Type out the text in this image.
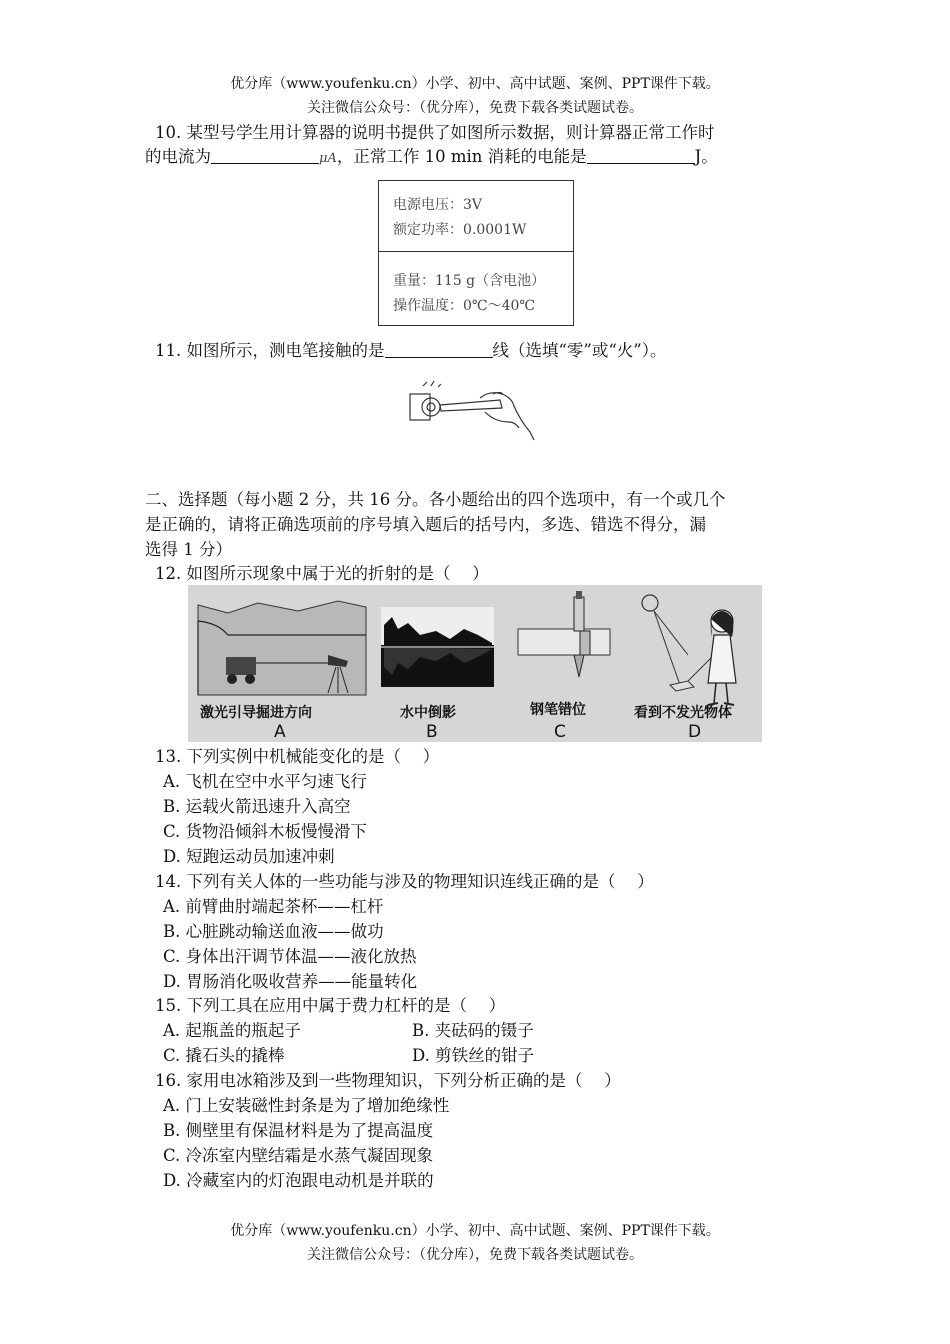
优分库（www.youfenku.cn）小学、初中、高中试题、案例、PPT课件下载。
关注微信公众号：（优分库），免费下载各类试题试卷。
10. 某型号学生用计算器的说明书提供了如图所示数据，则计算器正常工作时
的电流为	μA，正常工作 10 min 消耗的电能是	J。
电源电压：3V
额定功率：0.0001W
重量：115 g（含电池）
操作温度：0℃～40℃
11. 如图所示，测电笔接触的是	线（选填“零”或“火”）。
二、选择题（每小题 2 分，共 16 分。各小题给出的四个选项中，有一个或几个
是正确的，请将正确选项前的序号填入题后的括号内，多选、错选不得分，漏
选得 1 分）
12. 如图所示现象中属于光的折射的是（　 ）
激光引导掘进方向
A
水中倒影
B
钢笔错位
C
看到不发光物体
D
13. 下列实例中机械能变化的是（　 ）
A. 飞机在空中水平匀速飞行
B. 运载火箭迅速升入高空
C. 货物沿倾斜木板慢慢滑下
D. 短跑运动员加速冲刺
14. 下列有关人体的一些功能与涉及的物理知识连线正确的是（　 ）
A. 前臂曲肘端起茶杯——杠杆
B. 心脏跳动输送血液——做功
C. 身体出汗调节体温——液化放热
D. 胃肠消化吸收营养——能量转化
15. 下列工具在应用中属于费力杠杆的是（　 ）
A. 起瓶盖的瓶起子	B. 夹砝码的镊子
C. 撬石头的撬棒	D. 剪铁丝的钳子
16. 家用电冰箱涉及到一些物理知识，下列分析正确的是（　 ）
A. 门上安装磁性封条是为了增加绝缘性
B. 侧壁里有保温材料是为了提高温度
C. 冷冻室内壁结霜是水蒸气凝固现象
D. 冷藏室内的灯泡跟电动机是并联的
优分库（www.youfenku.cn）小学、初中、高中试题、案例、PPT课件下载。
关注微信公众号：（优分库），免费下载各类试题试卷。
